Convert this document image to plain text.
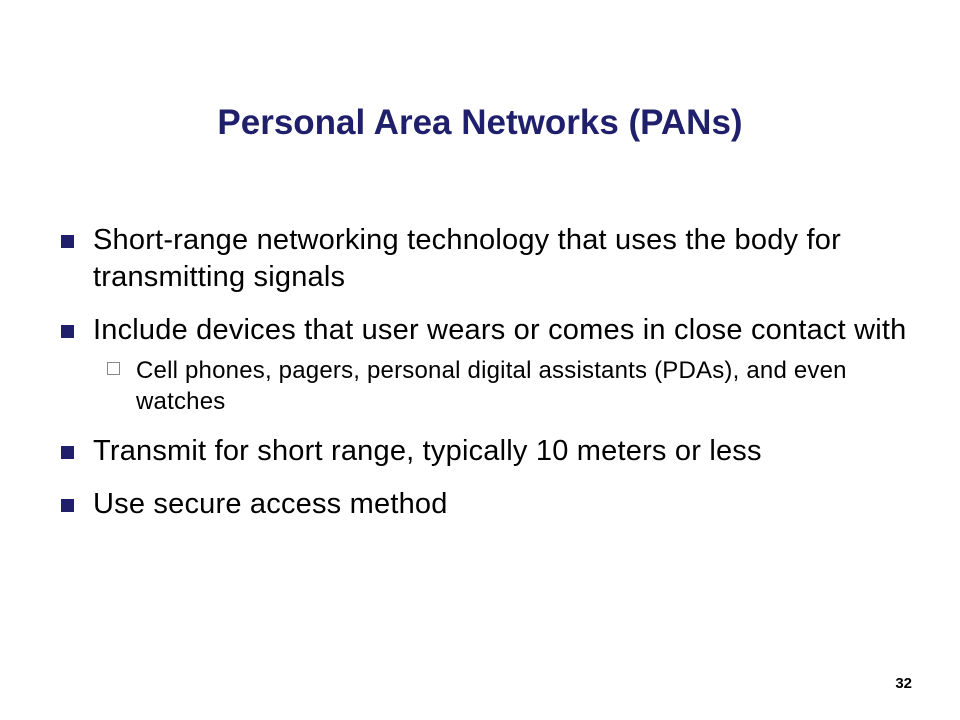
Personal Area Networks (PANs)
Short-range networking technology that uses the body for transmitting signals
Include devices that user wears or comes in close contact with
Cell phones, pagers, personal digital assistants (PDAs), and even watches
Transmit for short range, typically 10 meters or less
Use secure access method
32
